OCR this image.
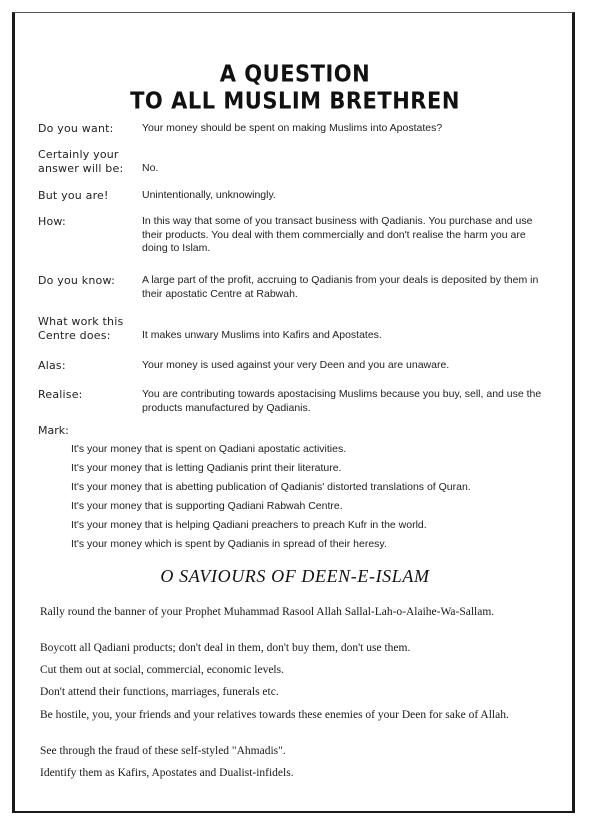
A QUESTION
TO ALL MUSLIM BRETHREN
Do you want:	Your money should be spent on making Muslims into Apostates?
Certainly your answer will be:	No.
But you are!	Unintentionally, unknowingly.
How:	In this way that some of you transact business with Qadianis. You purchase and use their products. You deal with them commercially and don't realise the harm you are doing to Islam.
Do you know:	A large part of the profit, accruing to Qadianis from your deals is deposited by them in their apostatic Centre at Rabwah.
What work this Centre does:	It makes unwary Muslims into Kafirs and Apostates.
Alas:	Your money is used against your very Deen and you are unaware.
Realise:	You are contributing towards apostacising Muslims because you buy, sell, and use the products manufactured by Qadianis.
Mark:
It's your money that is spent on Qadiani apostatic activities.
It's your money that is letting Qadianis print their literature.
It's your money that is abetting publication of Qadianis' distorted translations of Quran.
It's your money that is supporting Qadiani Rabwah Centre.
It's your money that is helping Qadiani preachers to preach Kufr in the world.
It's your money which is spent by Qadianis in spread of their heresy.
O SAVIOURS OF DEEN-E-ISLAM
Rally round the banner of your Prophet Muhammad Rasool Allah Sallal-Lah-o-Alaihe-Wa-Sallam.
Boycott all Qadiani products; don't deal in them, don't buy them, don't use them.
Cut them out at social, commercial, economic levels.
Don't attend their functions, marriages, funerals etc.
Be hostile, you, your friends and your relatives towards these enemies of your Deen for sake of Allah.
See through the fraud of these self-styled "Ahmadis".
Identify them as Kafirs, Apostates and Dualist-infidels.
